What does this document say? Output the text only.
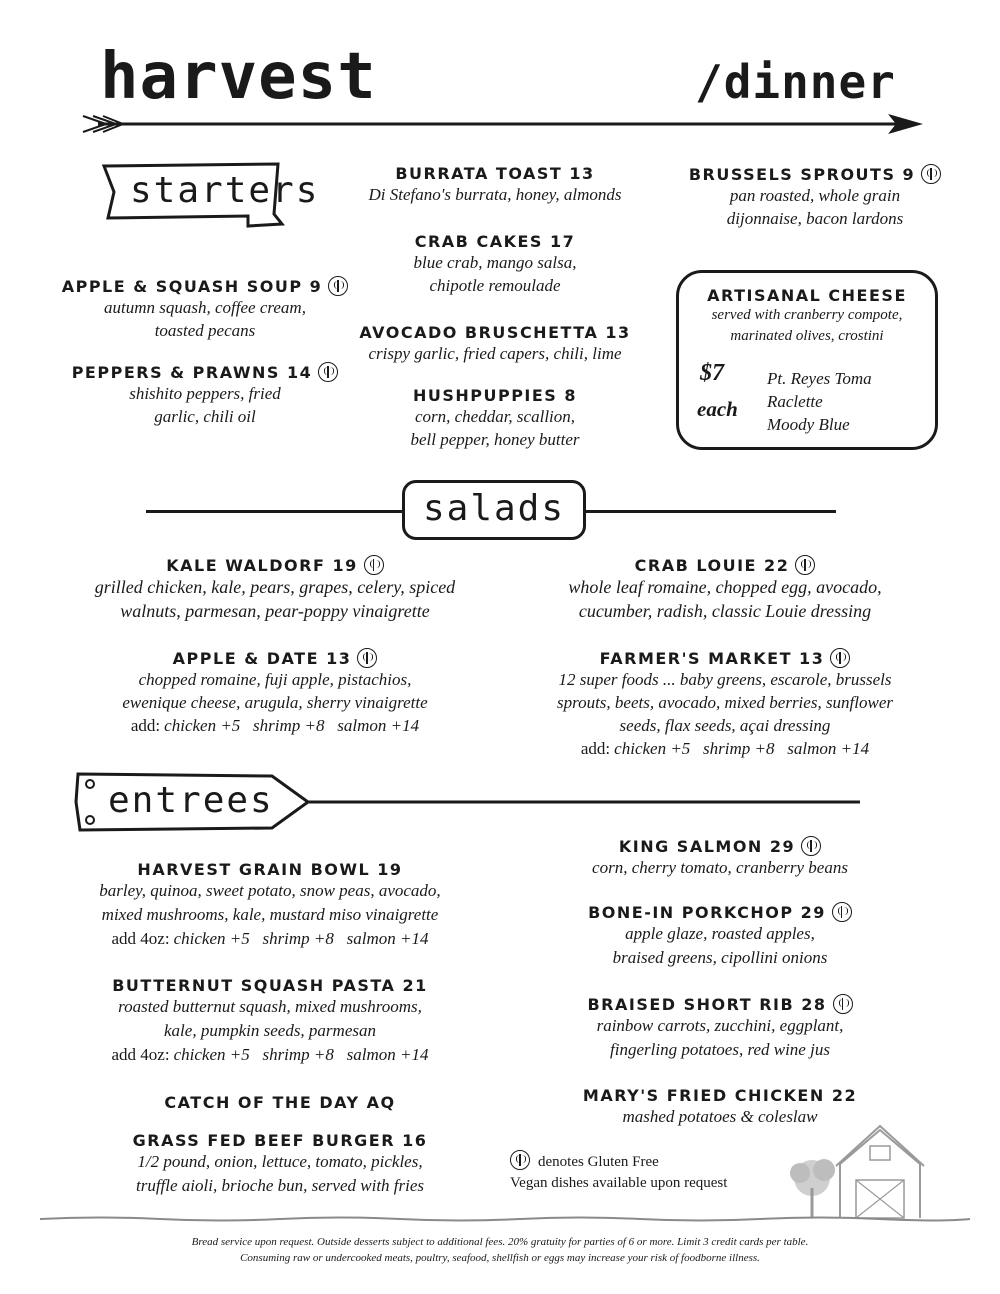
harvest	/dinner
starters	BURRATA TOAST 13
Di Stefano's burrata, honey, almonds
CRAB CAKES 17
blue crab, mango salsa,
chipotle remoulade
AVOCADO BRUSCHETTA 13
crispy garlic, fried capers, chili, lime
HUSHPUPPIES 8
corn, cheddar, scallion,
bell pepper, honey butter
APPLE & SQUASH SOUP 9
autumn squash, coffee cream,
toasted pecans
PEPPERS & PRAWNS 14
shishito peppers, fried
garlic, chili oil
BRUSSELS SPROUTS 9
pan roasted, whole grain
dijonnaise, bacon lardons
ARTISANAL CHEESE
served with cranberry compote,
marinated olives, crostini
$7
each
Pt. Reyes Toma
Raclette
Moody Blue
salads
KALE WALDORF 19
grilled chicken, kale, pears, grapes, celery, spiced
walnuts, parmesan, pear-poppy vinaigrette
APPLE & DATE 13
chopped romaine, fuji apple, pistachios,
ewenique cheese, arugula, sherry vinaigrette
add: chicken +5   shrimp +8   salmon +14
CRAB LOUIE 22
whole leaf romaine, chopped egg, avocado,
cucumber, radish, classic Louie dressing
FARMER'S MARKET 13
12 super foods ... baby greens, escarole, brussels
sprouts, beets, avocado, mixed berries, sunflower
seeds, flax seeds, açai dressing
add: chicken +5   shrimp +8   salmon +14
entrees
HARVEST GRAIN BOWL 19
barley, quinoa, sweet potato, snow peas, avocado,
mixed mushrooms, kale, mustard miso vinaigrette
add 4oz: chicken +5   shrimp +8   salmon +14
BUTTERNUT SQUASH PASTA 21
roasted butternut squash, mixed mushrooms,
kale, pumpkin seeds, parmesan
add 4oz: chicken +5   shrimp +8   salmon +14
CATCH OF THE DAY AQ
GRASS FED BEEF BURGER 16
1/2 pound, onion, lettuce, tomato, pickles,
truffle aioli, brioche bun, served with fries
KING SALMON 29
corn, cherry tomato, cranberry beans
BONE-IN PORKCHOP 29
apple glaze, roasted apples,
braised greens, cipollini onions
BRAISED SHORT RIB 28
rainbow carrots, zucchini, eggplant,
fingerling potatoes, red wine jus
MARY'S FRIED CHICKEN 22
mashed potatoes & coleslaw
denotes Gluten Free
Vegan dishes available upon request
Bread service upon request. Outside desserts subject to additional fees. 20% gratuity for parties of 6 or more. Limit 3 credit cards per table.
Consuming raw or undercooked meats, poultry, seafood, shellfish or eggs may increase your risk of foodborne illness.
